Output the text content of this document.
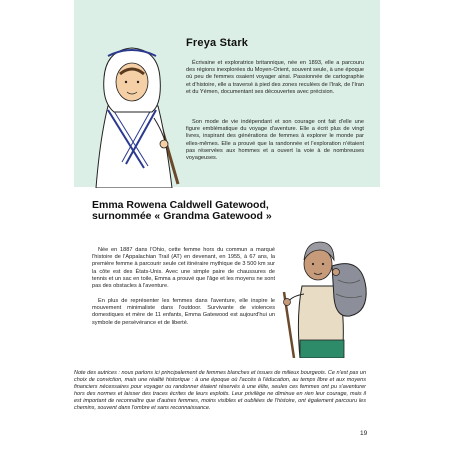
Freya Stark

Écrivaine et exploratrice britannique, née en 1893, elle a parcouru des régions inexplorées du Moyen-Orient, souvent seule, à une époque où peu de femmes osaient voyager ainsi. Passionnée de cartographie et d'histoire, elle a traversé à pied des zones reculées de l'Irak, de l'Iran et du Yémen, documentant ses découvertes avec précision.

Son mode de vie indépendant et son courage ont fait d'elle une figure emblématique du voyage d'aventure. Elle a écrit plus de vingt livres, inspirant des générations de femmes à explorer le monde par elles-mêmes. Elle a prouvé que la randonnée et l'exploration n'étaient pas réservées aux hommes et a ouvert la voie à de nombreuses voyageuses.

Emma Rowena Caldwell Gatewood,
surnommée « Grandma Gatewood »

Née en 1887 dans l'Ohio, cette femme hors du commun a marqué l'histoire de l'Appalachian Trail (AT) en devenant, en 1955, à 67 ans, la première femme à parcourir seule cet itinéraire mythique de 3 500 km sur la côte est des États-Unis. Avec une simple paire de chaussures de tennis et un sac en toile, Emma a prouvé que l'âge et les moyens ne sont pas des obstacles à l'aventure.

En plus de représenter les femmes dans l'aventure, elle inspire le mouvement minimaliste dans l'outdoor. Survivante de violences domestiques et mère de 11 enfants, Emma Gatewood est aujourd'hui un symbole de persévérance et de liberté.

Note des autrices : nous parlons ici principalement de femmes blanches et issues de milieux bourgeois. Ce n'est pas un choix de conviction, mais une réalité historique : à une époque où l'accès à l'éducation, au temps libre et aux moyens financiers nécessaires pour voyager ou randonner étaient réservés à une élite, seules ces femmes ont pu s'aventurer hors des normes et laisser des traces écrites de leurs exploits. Leur privilège ne diminue en rien leur courage, mais il est important de reconnaître que d'autres femmes, moins visibles et oubliées de l'histoire, ont également parcouru les chemins, souvent dans l'ombre et sans reconnaissance.

19
